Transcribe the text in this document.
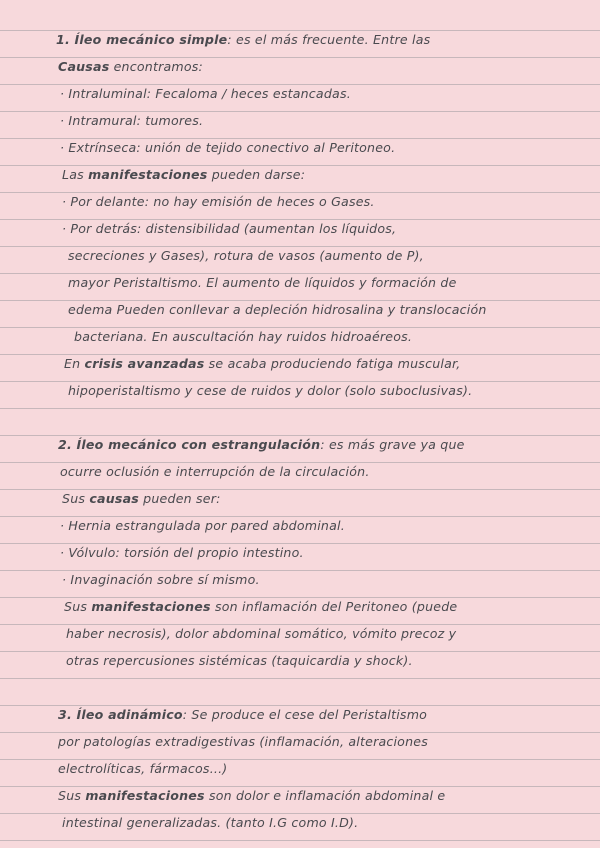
1. Íleo mecánico simple: es el más frecuente. Entre las
Causas encontramos:
· Intraluminal: Fecaloma / heces estancadas.
· Intramural: tumores.
· Extrínseca: unión de tejido conectivo al Peritoneo.
Las manifestaciones pueden darse:
· Por delante: no hay emisión de heces o Gases.
· Por detrás: distensibilidad (aumentan los líquidos,
secreciones y Gases), rotura de vasos (aumento de P),
mayor Peristaltismo. El aumento de líquidos y formación de
edema Pueden conllevar a depleción hidrosalina y translocación
bacteriana. En auscultación hay ruidos hidroaéreos.
En crisis avanzadas se acaba produciendo fatiga muscular,
hipoperistaltismo y cese de ruidos y dolor (solo suboclusivas).
2. Íleo mecánico con estrangulación: es más grave ya que
ocurre oclusión e interrupción de la circulación.
Sus causas pueden ser:
· Hernia estrangulada por pared abdominal.
· Vólvulo: torsión del propio intestino.
· Invaginación sobre sí mismo.
Sus manifestaciones son inflamación del Peritoneo (puede
haber necrosis), dolor abdominal somático, vómito precoz y
otras repercusiones sistémicas (taquicardia y shock).
3. Íleo adinámico: Se produce el cese del Peristaltismo
por patologías extradigestivas (inflamación, alteraciones
electrolíticas, fármacos...)
Sus manifestaciones son dolor e inflamación abdominal e
intestinal generalizadas. (tanto I.G como I.D).
